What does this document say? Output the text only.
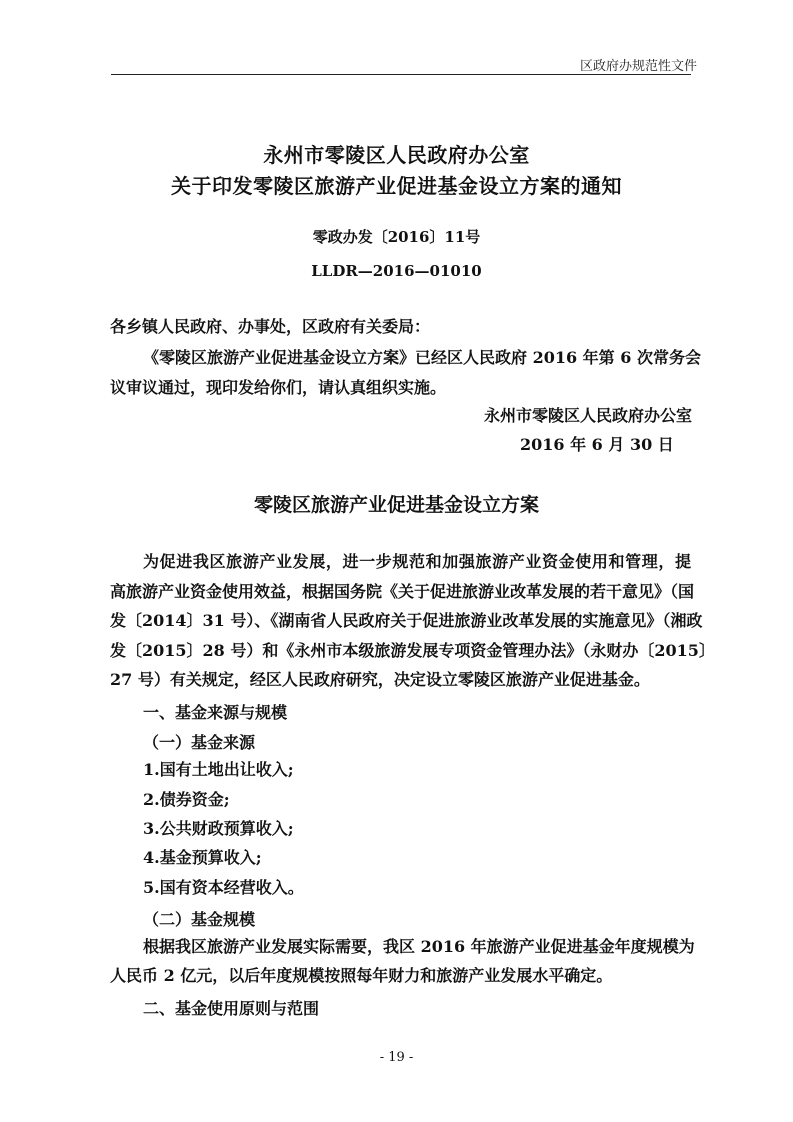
区政府办规范性文件
永州市零陵区人民政府办公室
关于印发零陵区旅游产业促进基金设立方案的通知
零政办发〔2016〕11号
LLDR—2016—01010
各乡镇人民政府、办事处，区政府有关委局：
《零陵区旅游产业促进基金设立方案》已经区人民政府 2016 年第 6 次常务会
议审议通过，现印发给你们，请认真组织实施。
永州市零陵区人民政府办公室
2016 年 6 月 30 日
零陵区旅游产业促进基金设立方案
为促进我区旅游产业发展，进一步规范和加强旅游产业资金使用和管理，提
高旅游产业资金使用效益，根据国务院《关于促进旅游业改革发展的若干意见》（国
发〔2014〕31 号）、《湖南省人民政府关于促进旅游业改革发展的实施意见》（湘政
发〔2015〕28 号）和《永州市本级旅游发展专项资金管理办法》（永财办〔2015〕
27 号）有关规定，经区人民政府研究，决定设立零陵区旅游产业促进基金。
一、基金来源与规模
（一）基金来源
1.国有土地出让收入;
2.债券资金;
3.公共财政预算收入;
4.基金预算收入;
5.国有资本经营收入。
（二）基金规模
根据我区旅游产业发展实际需要，我区 2016 年旅游产业促进基金年度规模为
人民币 2 亿元，以后年度规模按照每年财力和旅游产业发展水平确定。
二、基金使用原则与范围
- 19 -
